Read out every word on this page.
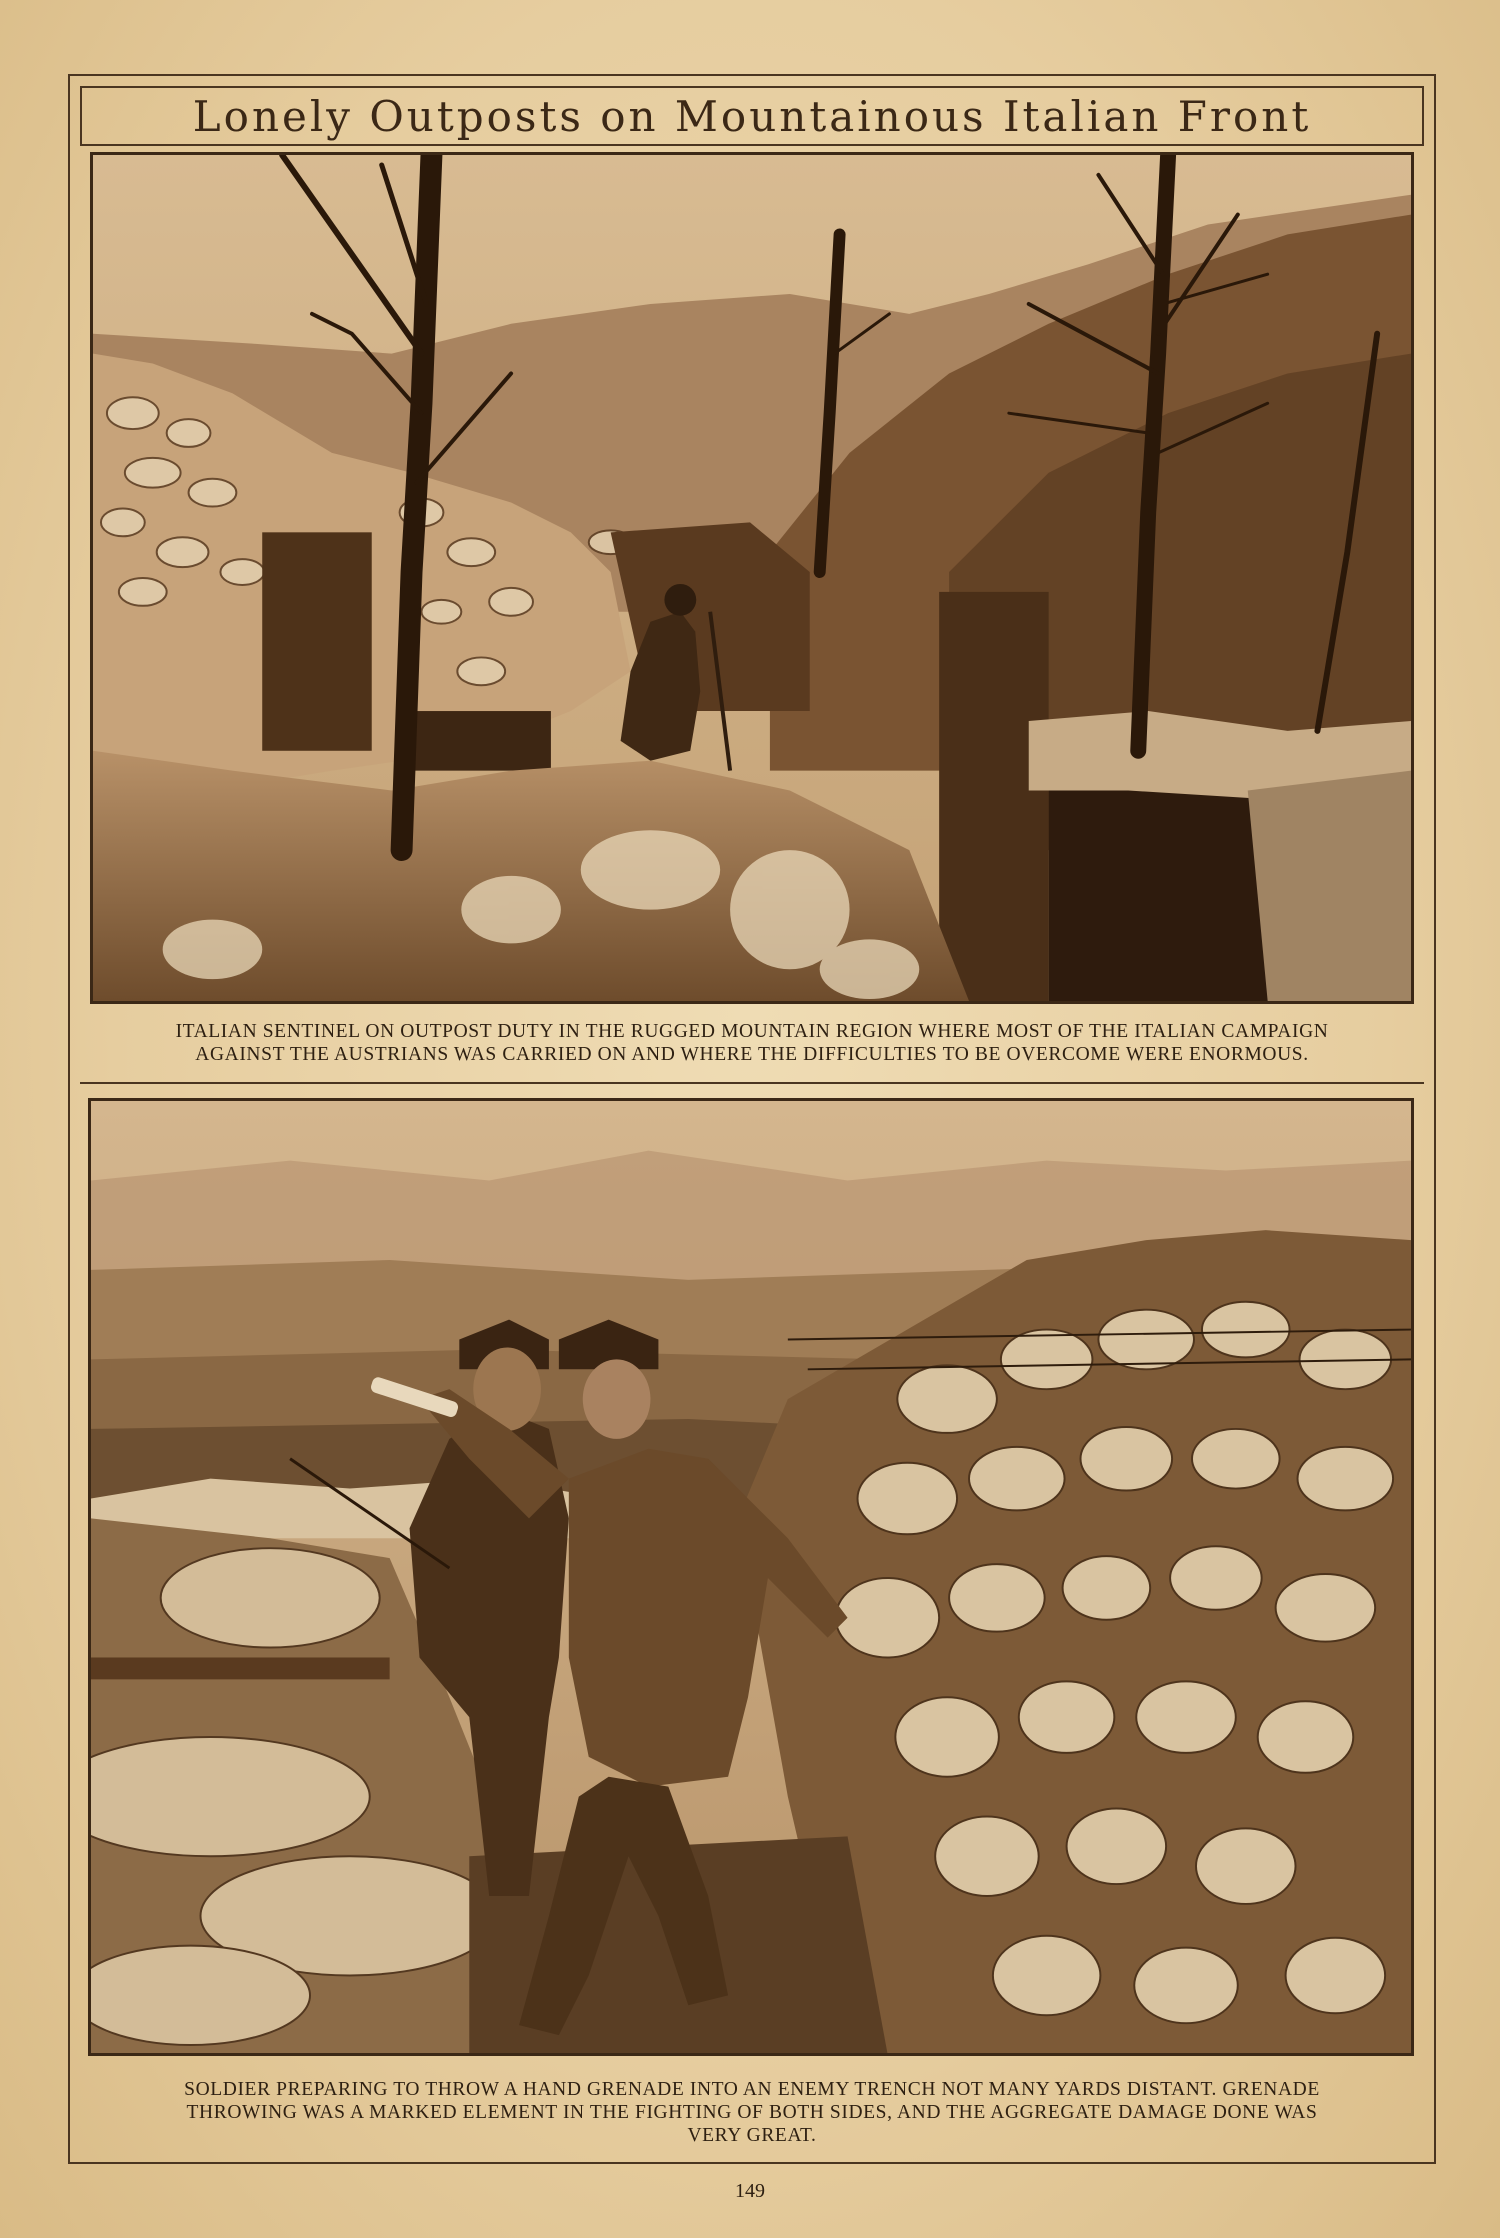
Lonely Outposts on Mountainous Italian Front
ITALIAN SENTINEL ON OUTPOST DUTY IN THE RUGGED MOUNTAIN REGION WHERE MOST OF THE ITALIAN CAMPAIGN
AGAINST THE AUSTRIANS WAS CARRIED ON AND WHERE THE DIFFICULTIES TO BE OVERCOME WERE ENORMOUS.
SOLDIER PREPARING TO THROW A HAND GRENADE INTO AN ENEMY TRENCH NOT MANY YARDS DISTANT. GRENADE
THROWING WAS A MARKED ELEMENT IN THE FIGHTING OF BOTH SIDES, AND THE AGGREGATE DAMAGE DONE WAS
VERY GREAT.
149
